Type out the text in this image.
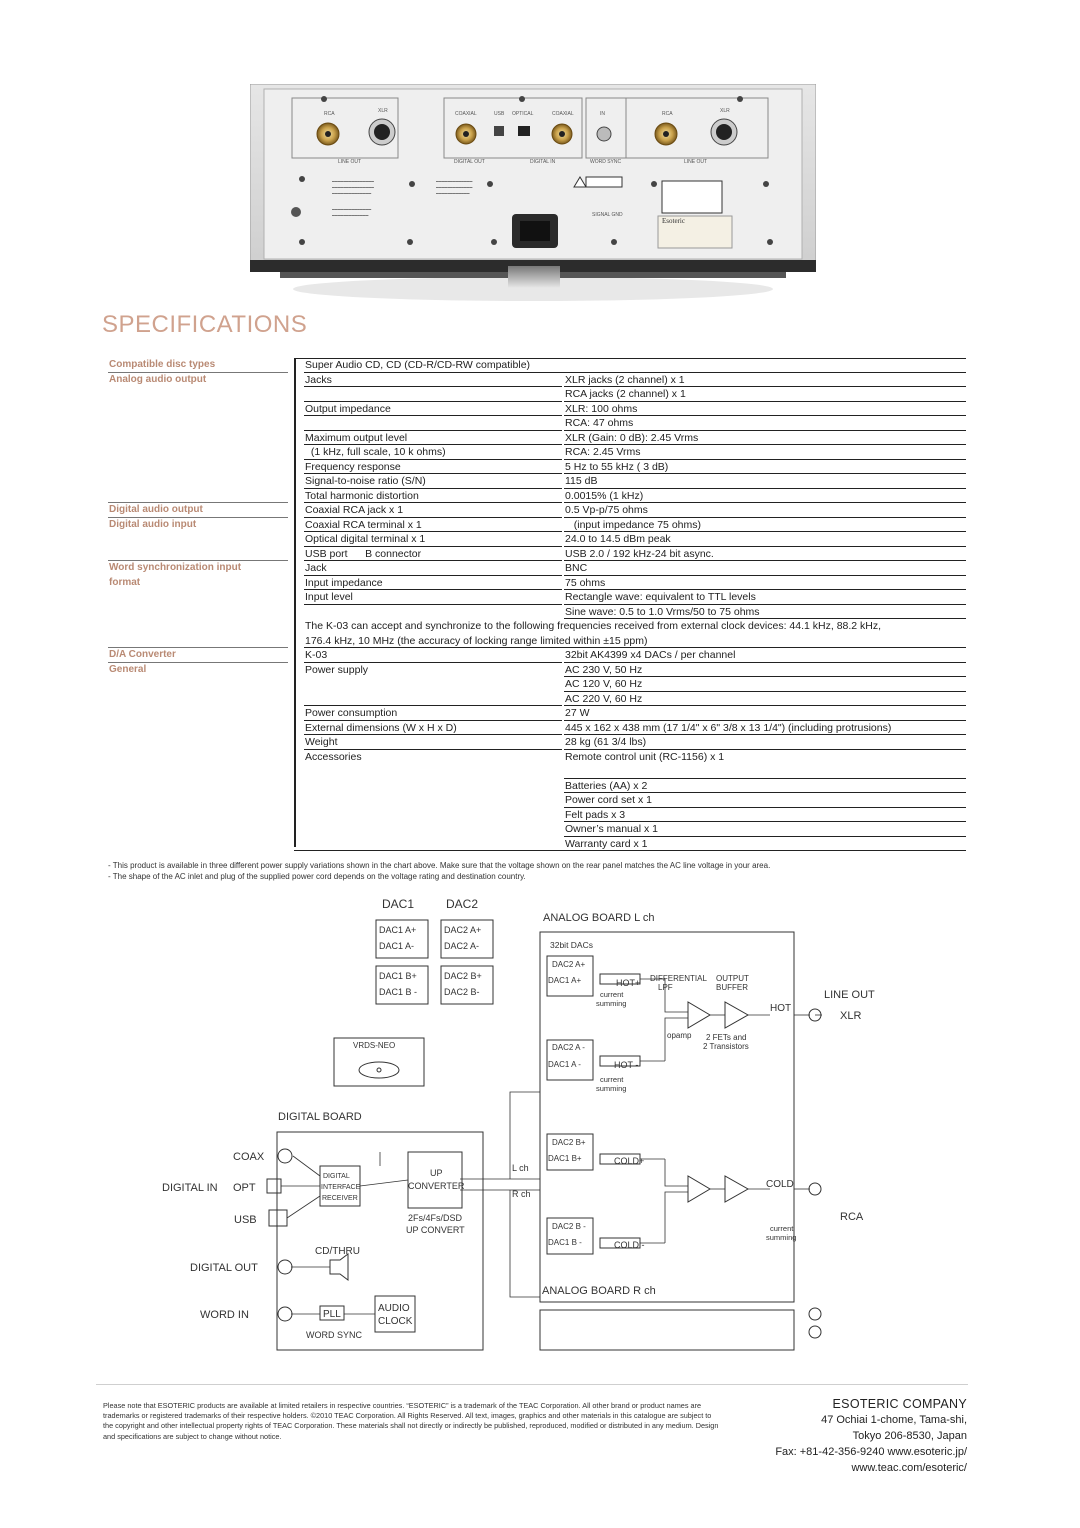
RCA	XLR	COAXIAL	USB OPTICAL	COAXIAL	IN	RCA	XLR
LINE OUT	DIGITAL OUT	DIGITAL IN	WORD SYNC	LINE OUT
SIGNAL GND
Esoteric
▬▬▬▬▬▬▬▬▬▬▬▬▬▬▬
▬▬▬▬▬▬▬▬▬▬▬▬▬▬▬
▬▬▬▬▬▬▬▬▬▬▬▬▬▬
▬▬▬▬▬▬▬▬▬▬▬▬▬▬
▬▬▬▬▬▬▬▬▬▬▬▬▬
▬▬▬▬▬▬▬▬▬▬▬▬▬
▬▬▬▬▬▬▬▬▬▬▬▬▬
▬▬▬▬▬▬▬▬▬▬▬▬
SPECIFICATIONS
Compatible disc types	Super Audio CD, CD (CD-R/CD-RW compatible)
Analog audio output	Jacks	XLR jacks (2 channel) x 1
RCA jacks (2 channel) x 1
Output impedance	XLR: 100 ohms
RCA: 47 ohms
Maximum output level	XLR (Gain: 0 dB): 2.45 Vrms
(1 kHz, full scale, 10 k ohms)	RCA: 2.45 Vrms
Frequency response	5 Hz to 55 kHz ( 3 dB)
Signal-to-noise ratio (S/N)	115 dB
Total harmonic distortion	0.0015% (1 kHz)
Digital audio output	Coaxial RCA jack x 1	0.5 Vp-p/75 ohms
Digital audio input	Coaxial RCA terminal x 1	(input impedance 75 ohms)
Optical digital terminal x 1	24.0 to 14.5 dBm peak
USB port      B connector	USB 2.0 / 192 kHz-24 bit async.
Word synchronization input	Jack	BNC
format	Input impedance	75 ohms
Input level	Rectangle wave: equivalent to TTL levels
Sine wave: 0.5 to 1.0 Vrms/50 to 75 ohms
The K-03 can accept and synchronize to the following frequencies received from external clock devices: 44.1 kHz, 88.2 kHz,
176.4 kHz, 10 MHz (the accuracy of locking range limited within ±15 ppm)
D/A Converter	K-03	32bit AK4399 x4 DACs / per channel
General	Power supply	AC 230 V, 50 Hz
AC 120 V, 60 Hz
AC 220 V, 60 Hz
Power consumption	27 W
External dimensions (W x H x D)	445 x 162 x 438 mm (17 1/4" x 6" 3/8 x 13 1/4") (including protrusions)
Weight	28 kg (61 3/4 lbs)
Accessories	Remote control unit (RC-1156) x 1
Batteries (AA) x 2
Power cord set x 1
Felt pads x 3
Owner’s manual x 1
Warranty card x 1
- This product is available in three different power supply variations shown in the chart above. Make sure that the voltage shown on the rear panel matches the AC line voltage in your area.
- The shape of the AC inlet and plug of the supplied power cord depends on the voltage rating and destination country.
DAC1	DAC2
DAC1 A+
DAC1 A-
DAC1 B+
DAC1 B -
DAC2 A+
DAC2 A-
DAC2 B+
DAC2 B-
ANALOG BOARD L ch
ANALOG BOARD R ch
32bit DACs
DAC2 A+
DAC1 A+	HOT+
DAC2 A -
DAC1 A -	HOT -
DAC2 B+
DAC1 B+	COLD+
DAC2 B -
DAC1 B -	COLD -
DIFFERENTIAL
LPF
OUTPUT
BUFFER
current
summing
current
summing
current
summing
opamp 2 FETs and
2 Transistors
HOT
COLD
LINE OUT
XLR
RCA
VRDS-NEO
DIGITAL BOARD
COAX
DIGITAL IN OPT
USB
DIGITAL
INTERFACE
RECEIVER
UP
CONVERTER
2Fs/4Fs/DSD
UP CONVERT
CD/THRU
DIGITAL OUT
WORD IN	PLL
AUDIO
CLOCK
WORD SYNC
L ch
R ch
Please note that ESOTERIC products are available at limited retailers in respective countries. “ESOTERIC” is a trademark of the TEAC Corporation. All other brand or product names are trademarks or registered trademarks of their respective holders. ©2010 TEAC Corporation. All Rights Reserved. All text, images, graphics and other materials in this catalogue are subject to the copyright and other intellectual property rights of TEAC Corporation. These materials shall not directly or indirectly be published, reproduced, modified or distributed in any medium. Design and specifications are subject to change without notice.
ESOTERIC COMPANY
47 Ochiai 1-chome, Tama-shi,
Tokyo 206-8530, Japan
Fax: +81-42-356-9240 www.esoteric.jp/
www.teac.com/esoteric/
